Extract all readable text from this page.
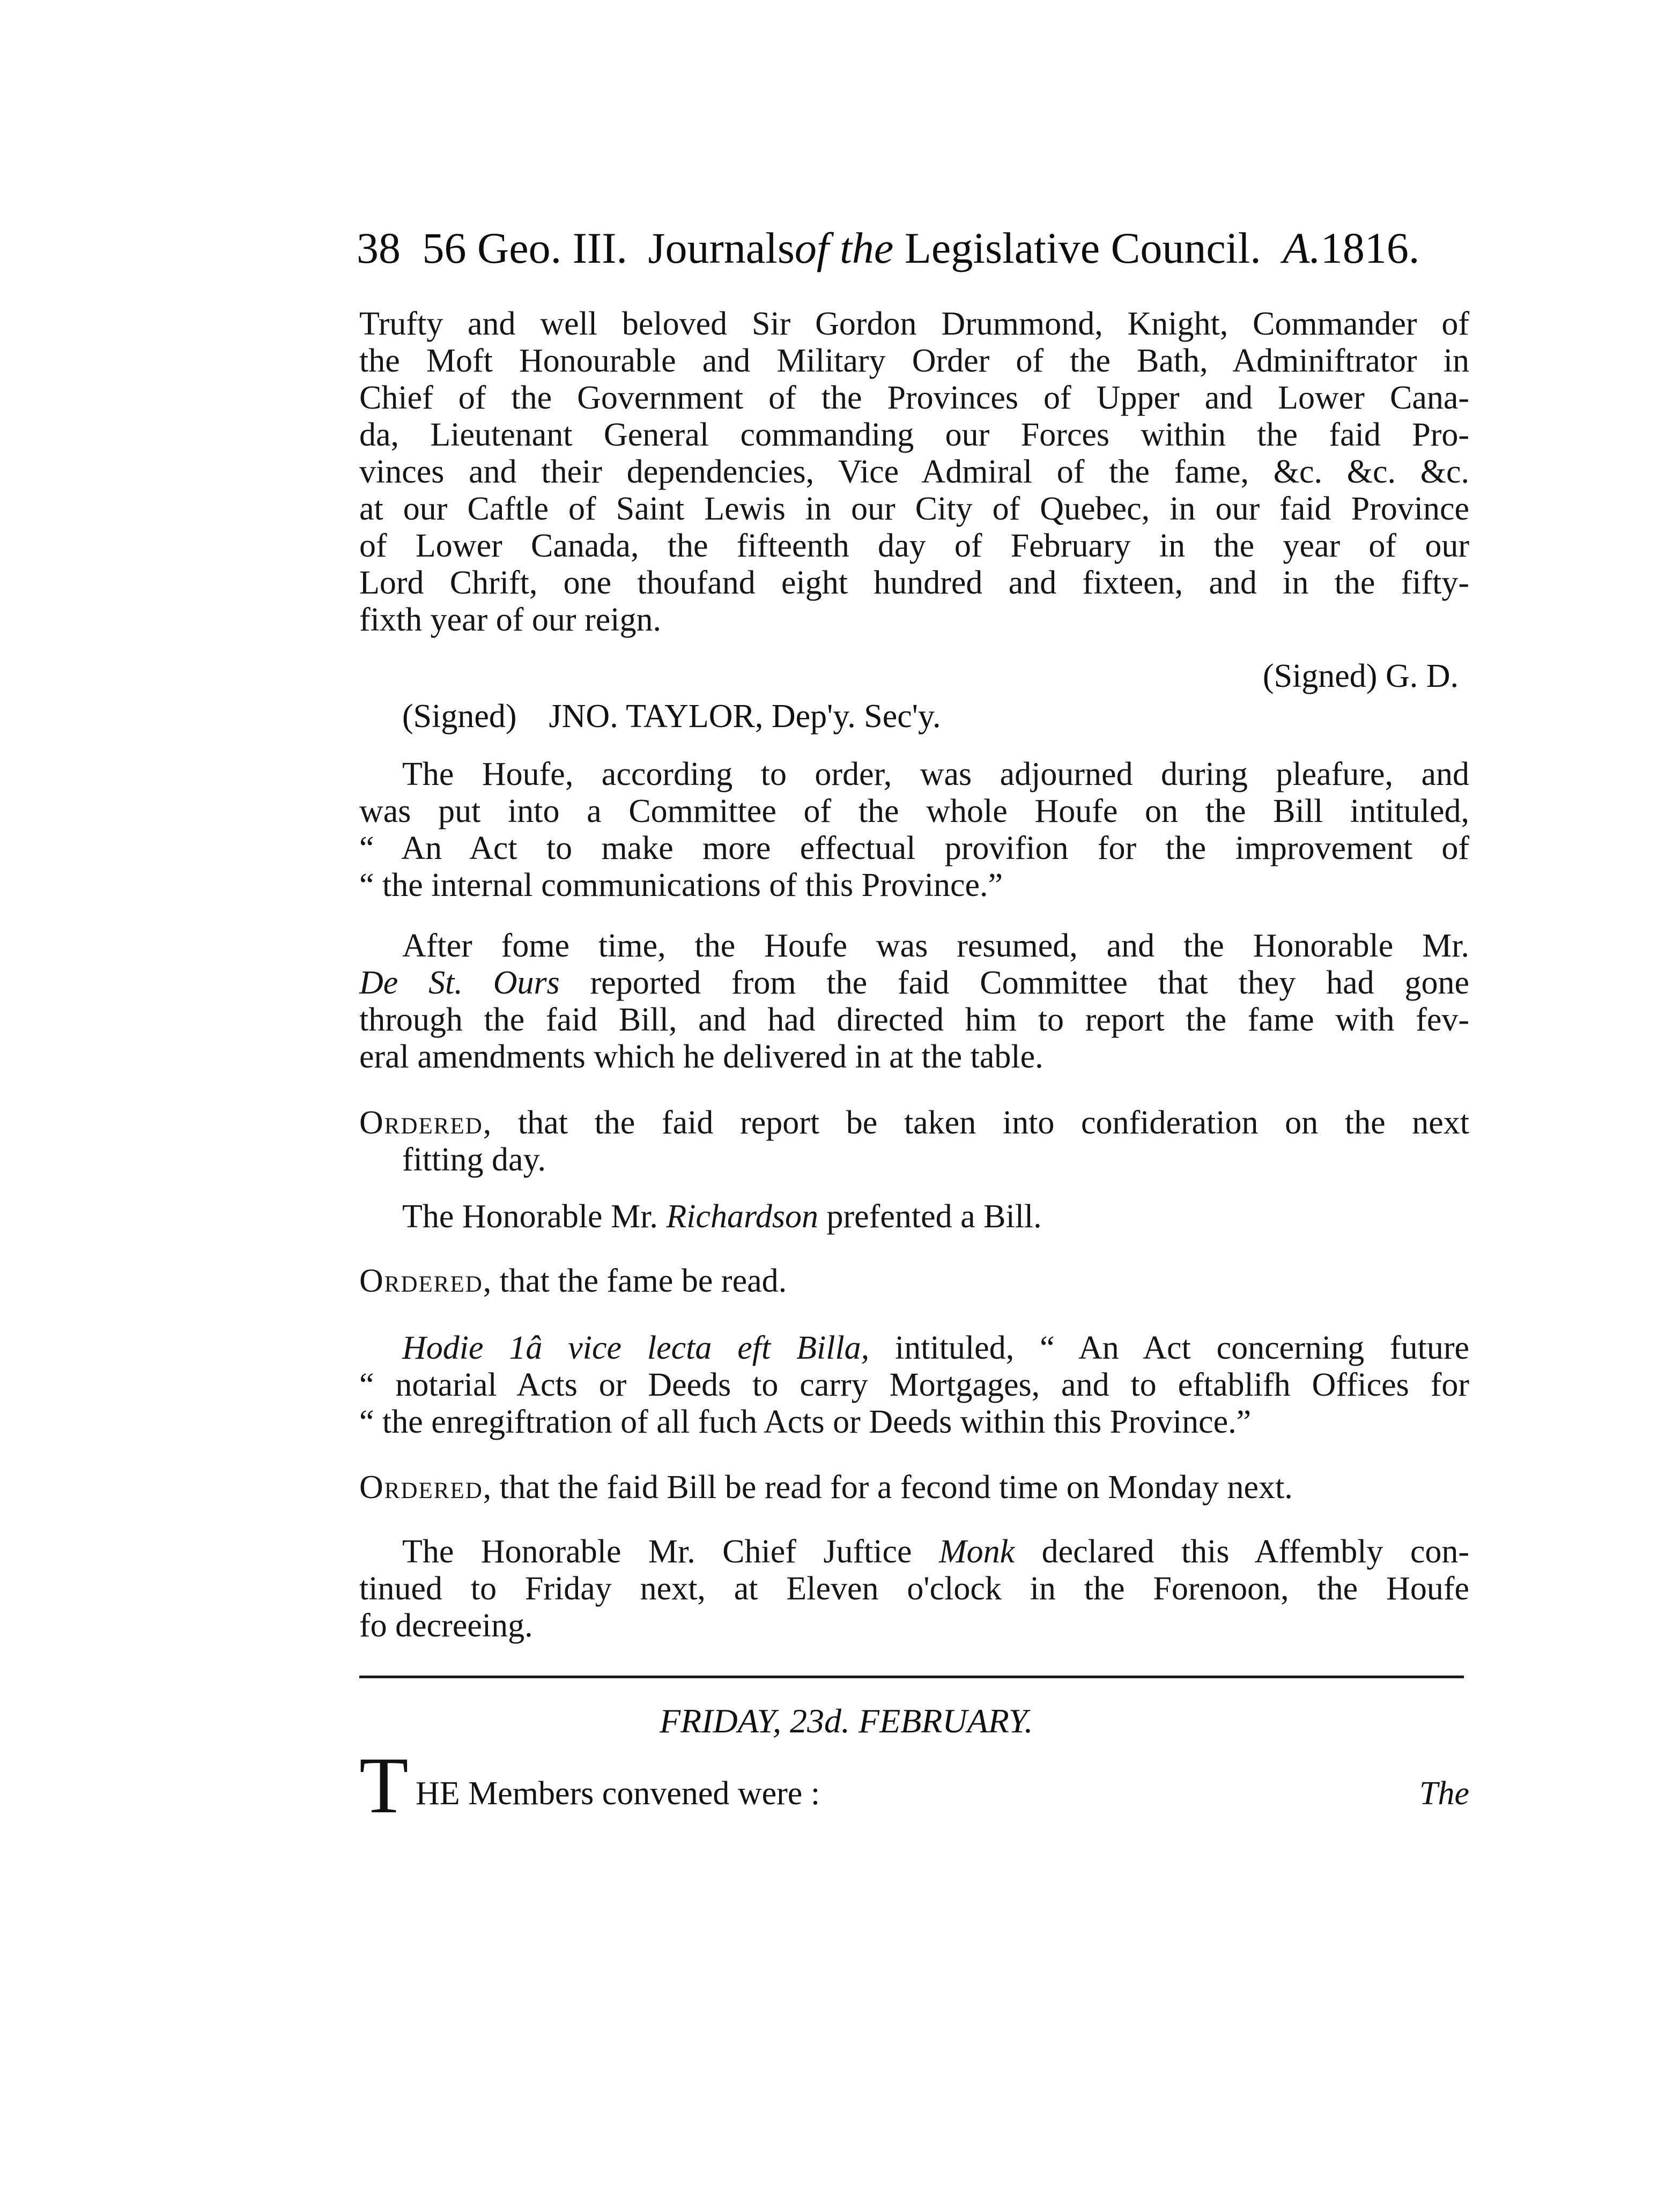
38 56 Geo. III. Journalsof the Legislative Council. A.1816.
Trufty and well beloved Sir Gordon Drummond, Knight, Commander of
the Moft Honourable and Military Order of the Bath, Adminiftrator in
Chief of the Government of the Provinces of Upper and Lower Cana-
da, Lieutenant General commanding our Forces within the faid Pro-
vinces and their dependencies, Vice Admiral of the fame, &c. &c. &c.
at our Caftle of Saint Lewis in our City of Quebec, in our faid Province
of Lower Canada, the fifteenth day of February in the year of our
Lord Chrift, one thoufand eight hundred and fixteen, and in the fifty-
fixth year of our reign.
(Signed) G. D.
(Signed) JNO. TAYLOR, Dep'y. Sec'y.
The Houfe, according to order, was adjourned during pleafure, and
was put into a Committee of the whole Houfe on the Bill intituled,
“ An Act to make more effectual provifion for the improvement of
“ the internal communications of this Province.”
After fome time, the Houfe was resumed, and the Honorable Mr.
De St. Ours reported from the faid Committee that they had gone
through the faid Bill, and had directed him to report the fame with fev-
eral amendments which he delivered in at the table.
Ordered, that the faid report be taken into confideration on the next
fitting day.
The Honorable Mr. Richardson prefented a Bill.
Ordered, that the fame be read.
Hodie 1â vice lecta eft Billa, intituled, “ An Act concerning future
“ notarial Acts or Deeds to carry Mortgages, and to eftablifh Offices for
“ the enregiftration of all fuch Acts or Deeds within this Province.”
Ordered, that the faid Bill be read for a fecond time on Monday next.
The Honorable Mr. Chief Juftice Monk declared this Affembly con-
tinued to Friday next, at Eleven o'clock in the Forenoon, the Houfe
fo decreeing.
FRIDAY, 23d. FEBRUARY.
T HE Members convened were :	The
